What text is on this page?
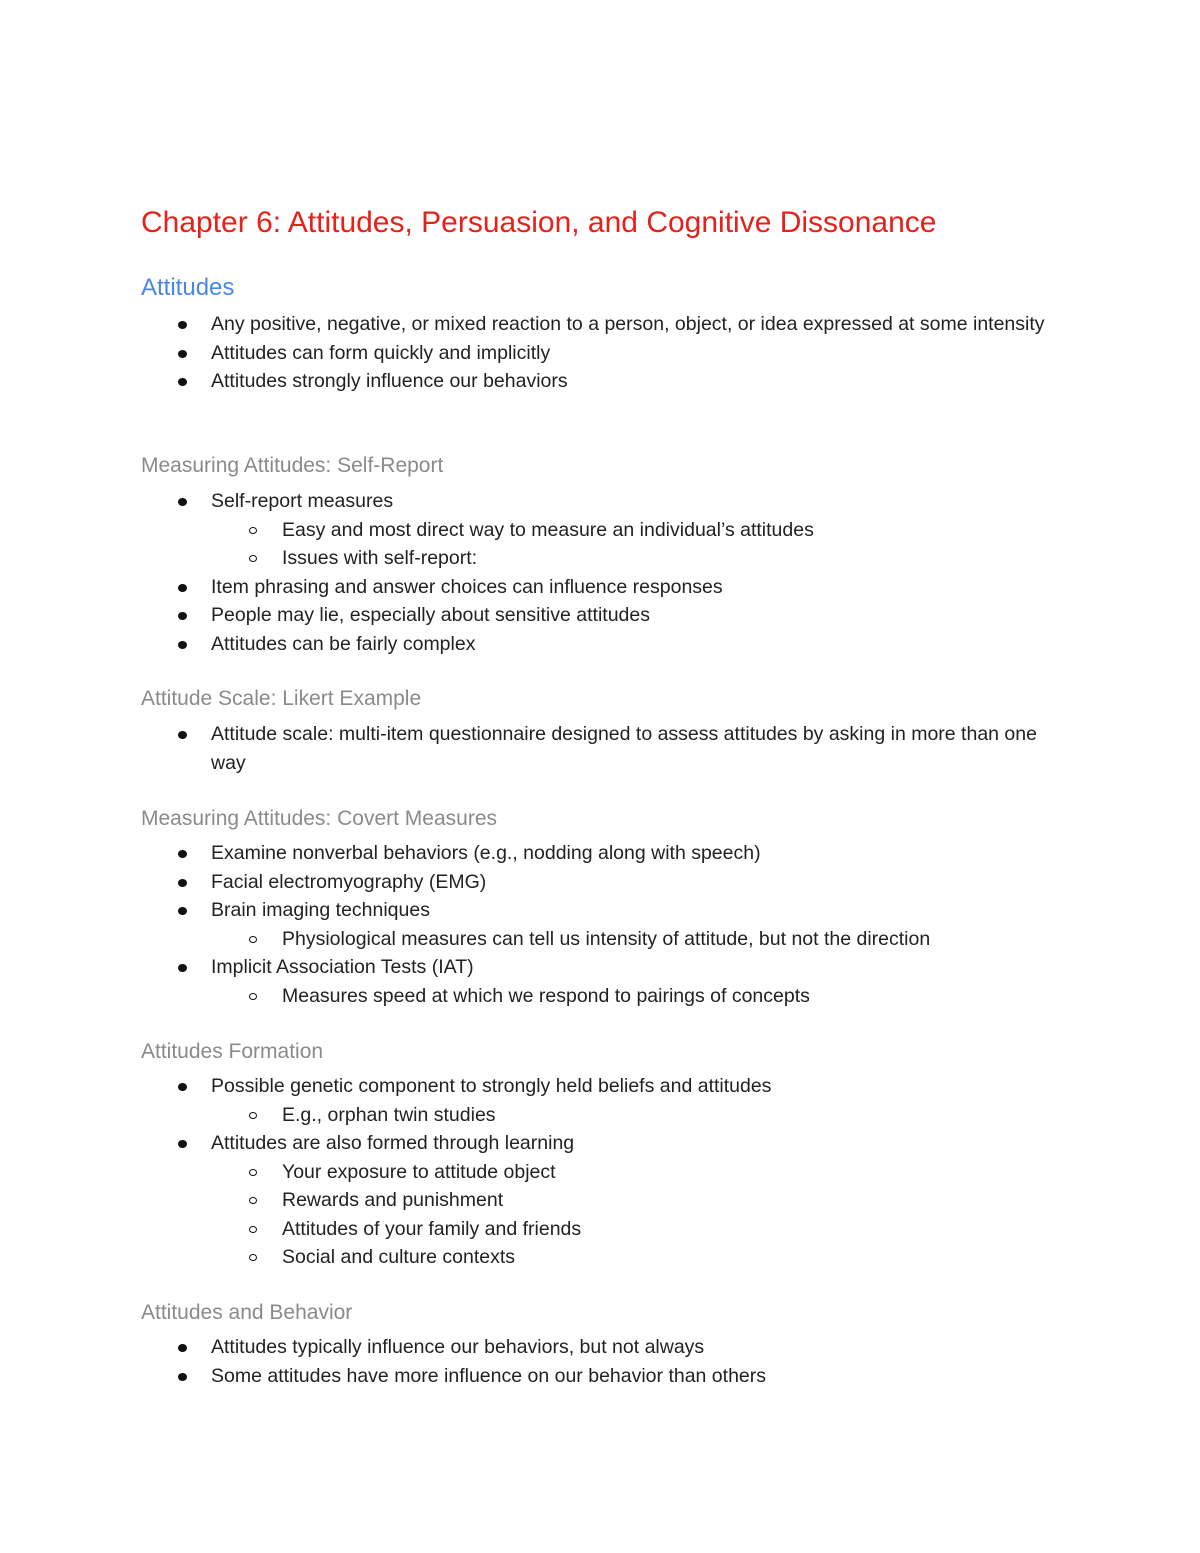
Chapter 6: Attitudes, Persuasion, and Cognitive Dissonance
Attitudes
Any positive, negative, or mixed reaction to a person, object, or idea expressed at some intensity
Attitudes can form quickly and implicitly
Attitudes strongly influence our behaviors
Measuring Attitudes: Self-Report
Self-report measures
Easy and most direct way to measure an individual’s attitudes
Issues with self-report:
Item phrasing and answer choices can influence responses
People may lie, especially about sensitive attitudes
Attitudes can be fairly complex
Attitude Scale: Likert Example
Attitude scale: multi-item questionnaire designed to assess attitudes by asking in more than one way
Measuring Attitudes: Covert Measures
Examine nonverbal behaviors (e.g., nodding along with speech)
Facial electromyography (EMG)
Brain imaging techniques
Physiological measures can tell us intensity of attitude, but not the direction
Implicit Association Tests (IAT)
Measures speed at which we respond to pairings of concepts
Attitudes Formation
Possible genetic component to strongly held beliefs and attitudes
E.g., orphan twin studies
Attitudes are also formed through learning
Your exposure to attitude object
Rewards and punishment
Attitudes of your family and friends
Social and culture contexts
Attitudes and Behavior
Attitudes typically influence our behaviors, but not always
Some attitudes have more influence on our behavior than others
